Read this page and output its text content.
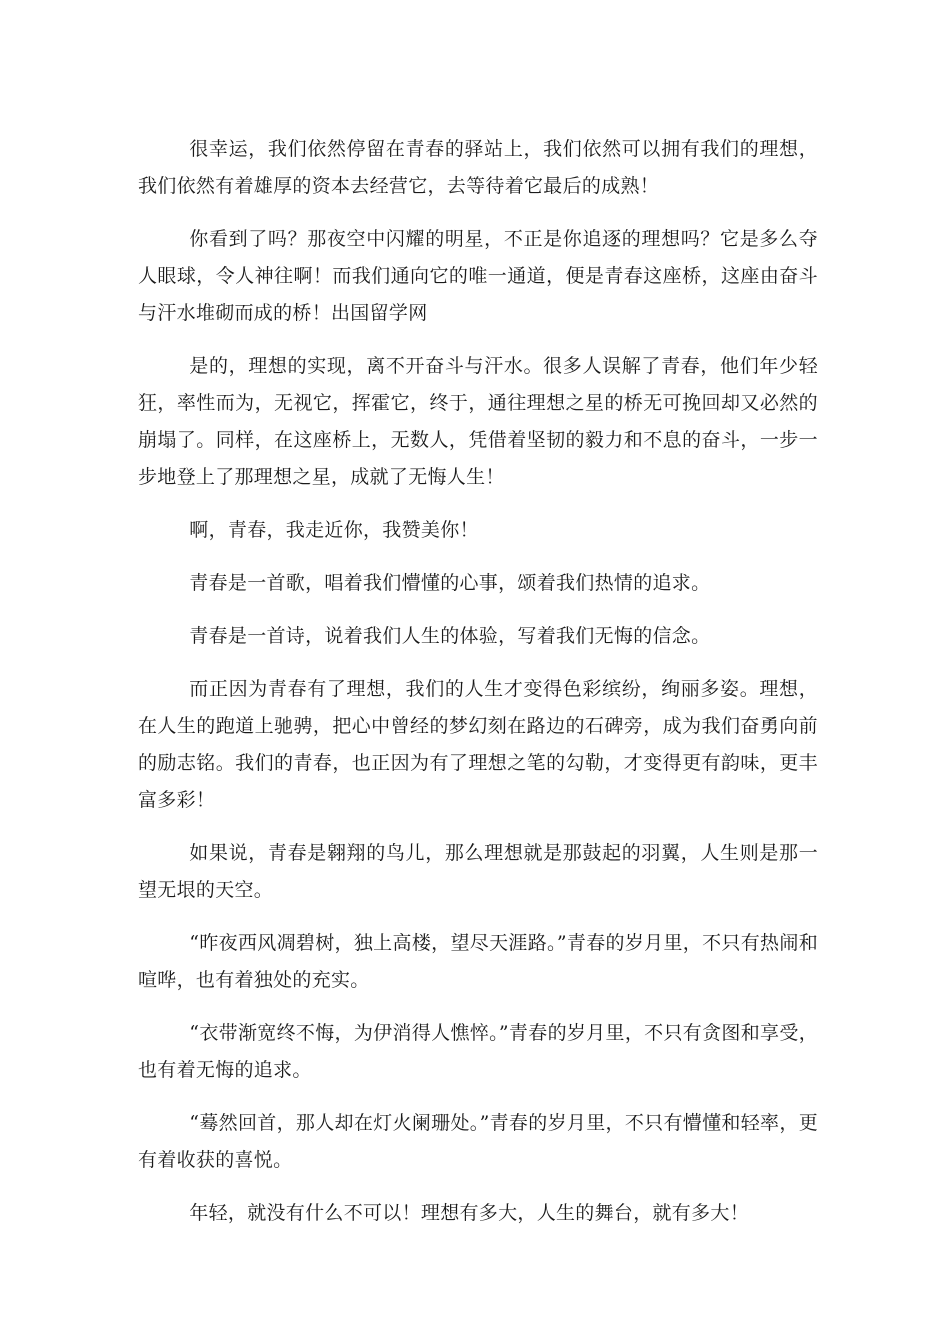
很幸运，我们依然停留在青春的驿站上，我们依然可以拥有我们的理想，我们依然有着雄厚的资本去经营它，去等待着它最后的成熟！

你看到了吗？那夜空中闪耀的明星，不正是你追逐的理想吗？它是多么夺人眼球，令人神往啊！而我们通向它的唯一通道，便是青春这座桥，这座由奋斗与汗水堆砌而成的桥！出国留学网

是的，理想的实现，离不开奋斗与汗水。很多人误解了青春，他们年少轻狂，率性而为，无视它，挥霍它，终于，通往理想之星的桥无可挽回却又必然的崩塌了。同样，在这座桥上，无数人，凭借着坚韧的毅力和不息的奋斗，一步一步地登上了那理想之星，成就了无悔人生！

啊，青春，我走近你，我赞美你！

青春是一首歌，唱着我们懵懂的心事，颂着我们热情的追求。

青春是一首诗，说着我们人生的体验，写着我们无悔的信念。

而正因为青春有了理想，我们的人生才变得色彩缤纷，绚丽多姿。理想，在人生的跑道上驰骋，把心中曾经的梦幻刻在路边的石碑旁，成为我们奋勇向前的励志铭。我们的青春，也正因为有了理想之笔的勾勒，才变得更有韵味，更丰富多彩！

如果说，青春是翱翔的鸟儿，那么理想就是那鼓起的羽翼，人生则是那一望无垠的天空。

“昨夜西风凋碧树，独上高楼，望尽天涯路。”青春的岁月里，不只有热闹和喧哗，也有着独处的充实。

“衣带渐宽终不悔，为伊消得人憔悴。”青春的岁月里，不只有贪图和享受，也有着无悔的追求。

“蓦然回首，那人却在灯火阑珊处。”青春的岁月里，不只有懵懂和轻率，更有着收获的喜悦。

年轻，就没有什么不可以！理想有多大，人生的舞台，就有多大！
